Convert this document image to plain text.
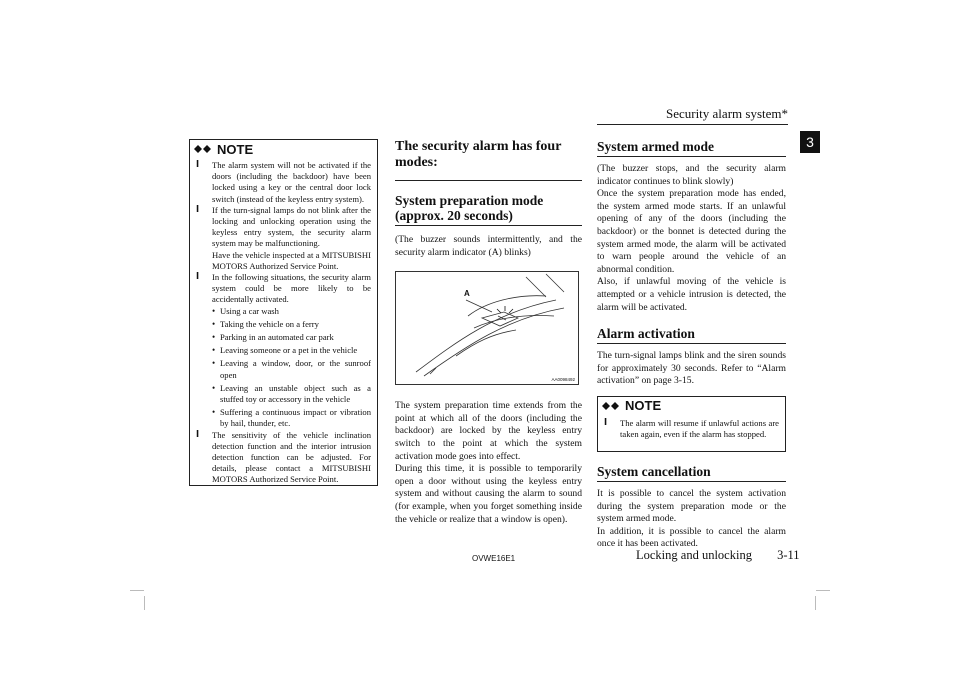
Security alarm system*
3
NOTE
l The alarm system will not be activated if the doors (including the backdoor) have been locked using a key or the central door lock switch (instead of the keyless entry system).
l If the turn-signal lamps do not blink after the locking and unlocking operation using the keyless entry system, the security alarm system may be malfunctioning.
Have the vehicle inspected at a MITSUBISHI MOTORS Authorized Service Point.
l In the following situations, the security alarm system could be more likely to be accidentally activated.
• Using a car wash
• Taking the vehicle on a ferry
• Parking in an automated car park
• Leaving someone or a pet in the vehicle
• Leaving a window, door, or the sunroof open
• Leaving an unstable object such as a stuffed toy or accessory in the vehicle
• Suffering a continuous impact or vibration by hail, thunder, etc.
l The sensitivity of the vehicle inclination detection function and the interior intrusion detection function can be adjusted. For details, please contact a MITSUBISHI MOTORS Authorized Service Point.
The security alarm has four modes:
System preparation mode (approx. 20 seconds)

(The buzzer sounds intermittently, and the security alarm indicator (A) blinks)

A
AA0098492

The system preparation time extends from the point at which all of the doors (including the backdoor) are locked by the keyless entry switch to the point at which the system activation mode goes into effect.

During this time, it is possible to temporarily open a door without using the keyless entry system and without causing the alarm to sound (for example, when you forget something inside the vehicle or realize that a window is open).

System armed mode

(The buzzer stops, and the security alarm indicator continues to blink slowly)

Once the system preparation mode has ended, the system armed mode starts. If an unlawful opening of any of the doors (including the backdoor) or the bonnet is detected during the system armed mode, the alarm will be activated to warn people around the vehicle of an abnormal condition.

Also, if unlawful moving of the vehicle is attempted or a vehicle intrusion is detected, the alarm will be activated.

Alarm activation

The turn-signal lamps blink and the siren sounds for approximately 30 seconds. Refer to “Alarm activation” on page 3-15.

NOTE
l The alarm will resume if unlawful actions are taken again, even if the alarm has stopped.
System cancellation

It is possible to cancel the system activation during the system preparation mode or the system armed mode.

In addition, it is possible to cancel the alarm once it has been activated.

OVWE16E1	Locking and unlocking 3-11
